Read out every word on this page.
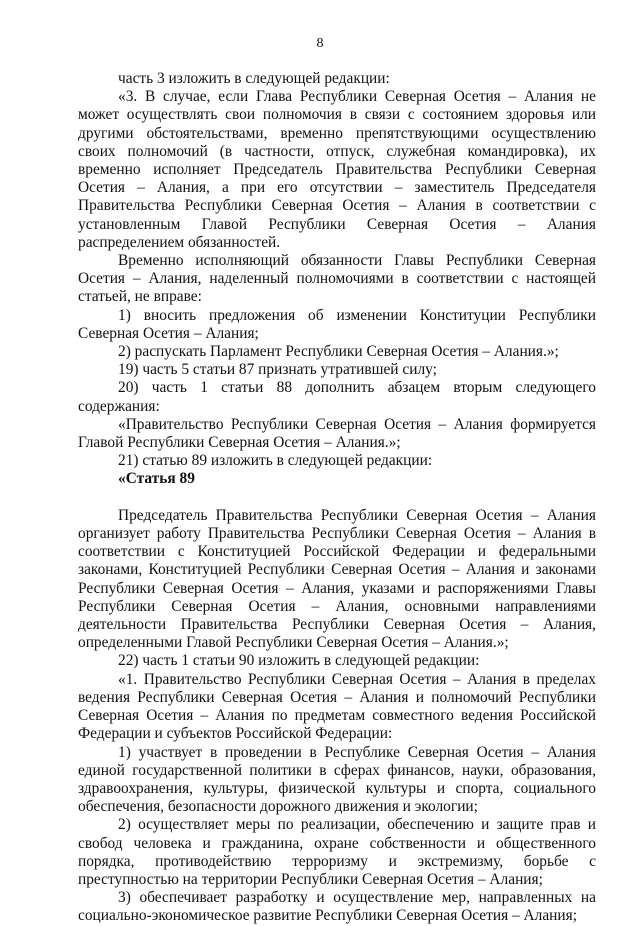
8

часть 3 изложить в следующей редакции:

«3. В случае, если Глава Республики Северная Осетия – Алания не может осуществлять свои полномочия в связи с состоянием здоровья или другими обстоятельствами, временно препятствующими осуществлению своих полномочий (в частности, отпуск, служебная командировка), их временно исполняет Председатель Правительства Республики Северная Осетия – Алания, а при его отсутствии – заместитель Председателя Правительства Республики Северная Осетия – Алания в соответствии с установленным Главой Республики Северная Осетия – Алания распределением обязанностей.

Временно исполняющий обязанности Главы Республики Северная Осетия – Алания, наделенный полномочиями в соответствии с настоящей статьей, не вправе:

1) вносить предложения об изменении Конституции Республики Северная Осетия – Алания;

2) распускать Парламент Республики Северная Осетия – Алания.»;

19) часть 5 статьи 87 признать утратившей силу;

20) часть 1 статьи 88 дополнить абзацем вторым следующего содержания:

«Правительство Республики Северная Осетия – Алания формируется Главой Республики Северная Осетия – Алания.»;

21) статью 89 изложить в следующей редакции:

«Статья 89

Председатель Правительства Республики Северная Осетия – Алания организует работу Правительства Республики Северная Осетия – Алания в соответствии с Конституцией Российской Федерации и федеральными законами, Конституцией Республики Северная Осетия – Алания и законами Республики Северная Осетия – Алания, указами и распоряжениями Главы Республики Северная Осетия – Алания, основными направлениями деятельности Правительства Республики Северная Осетия – Алания, определенными Главой Республики Северная Осетия – Алания.»;

22) часть 1 статьи 90 изложить в следующей редакции:

«1. Правительство Республики Северная Осетия – Алания в пределах ведения Республики Северная Осетия – Алания и полномочий Республики Северная Осетия – Алания по предметам совместного ведения Российской Федерации и субъектов Российской Федерации:

1) участвует в проведении в Республике Северная Осетия – Алания единой государственной политики в сферах финансов, науки, образования, здравоохранения, культуры, физической культуры и спорта, социального обеспечения, безопасности дорожного движения и экологии;

2) осуществляет меры по реализации, обеспечению и защите прав и свобод человека и гражданина, охране собственности и общественного порядка, противодействию терроризму и экстремизму, борьбе с преступностью на территории Республики Северная Осетия – Алания;

3) обеспечивает разработку и осуществление мер, направленных на социально-экономическое развитие Республики Северная Осетия – Алания;
